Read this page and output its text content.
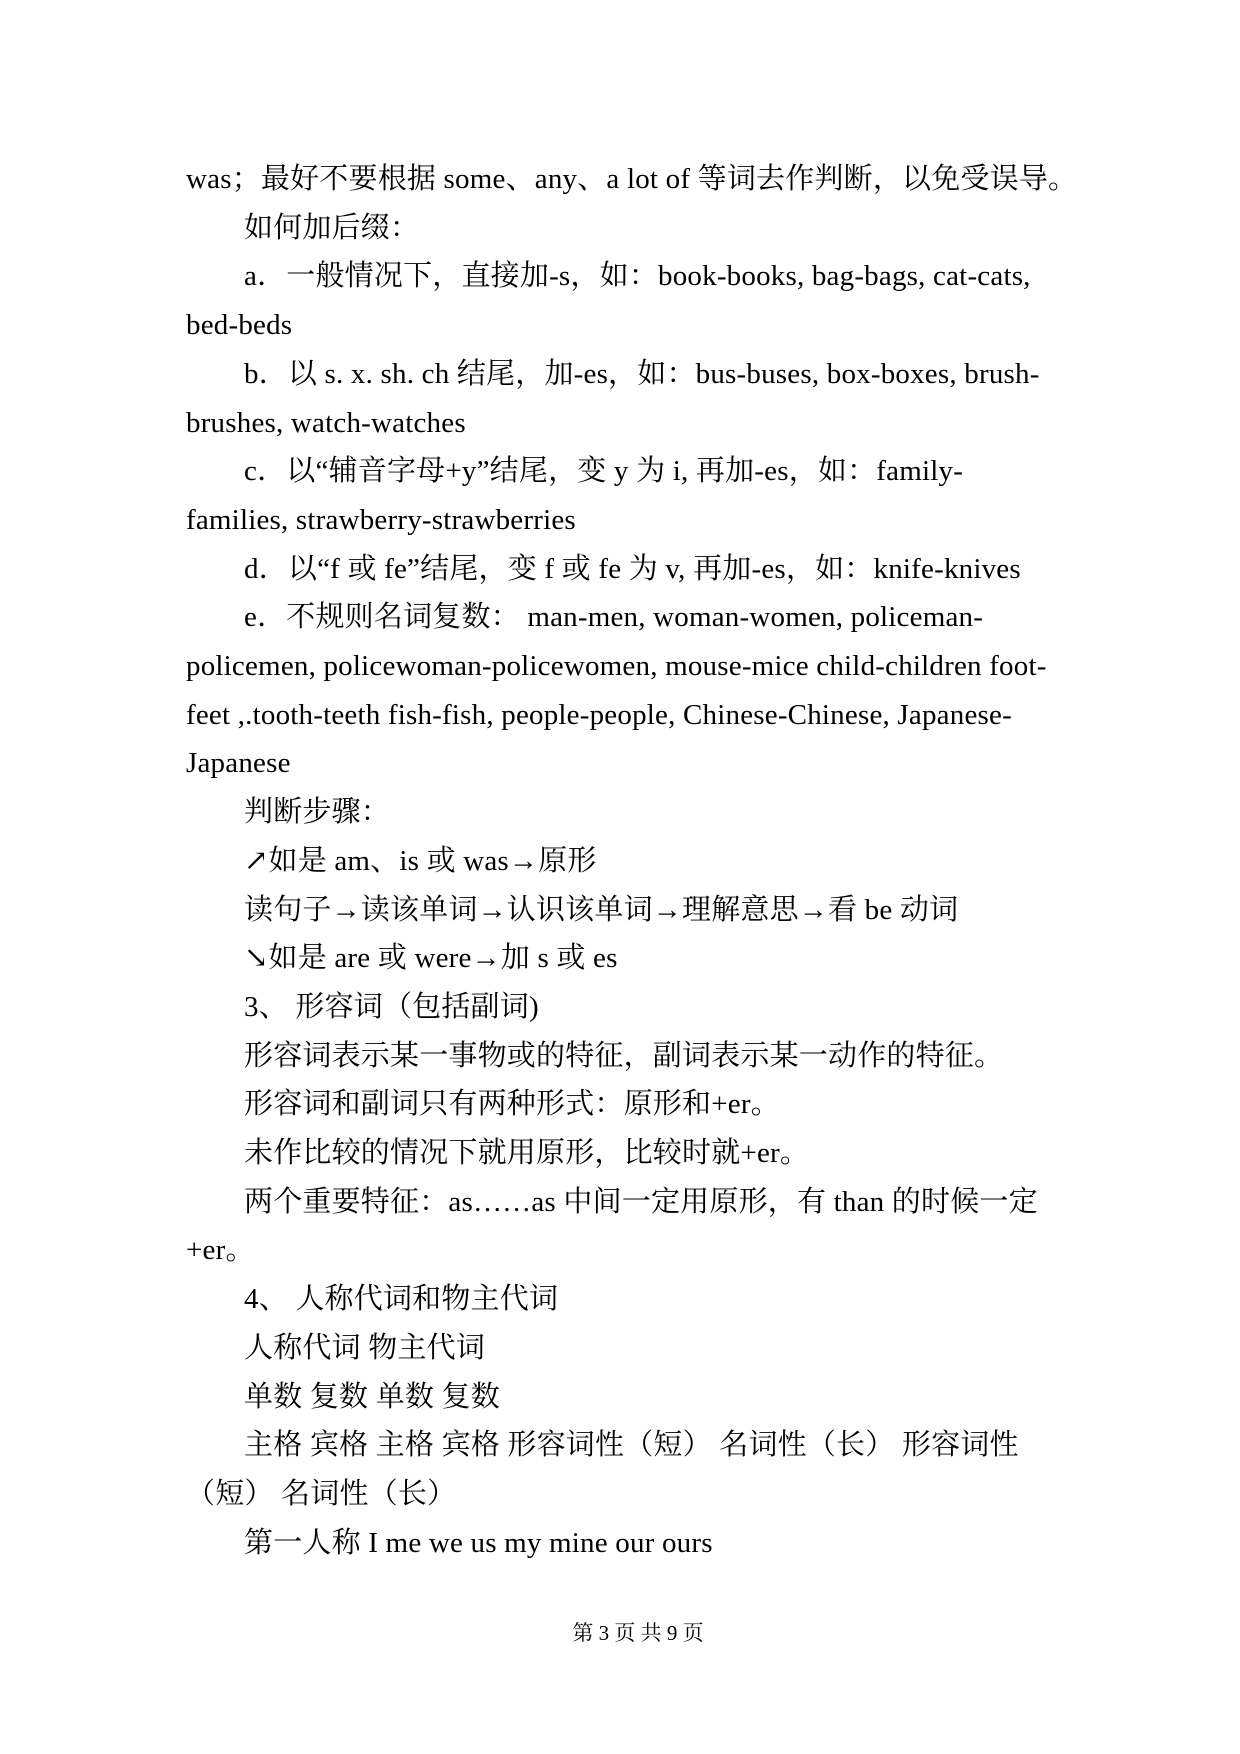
was；最好不要根据 some、any、a lot of 等词去作判断，以免受误导。

如何加后缀：

a．一般情况下，直接加-s，如：book-books, bag-bags, cat-cats,

bed-beds

b．以 s. x. sh. ch 结尾，加-es，如：bus-buses, box-boxes, brush-

brushes, watch-watches

c．以“辅音字母+y”结尾，变 y 为 i, 再加-es，如：family-

families, strawberry-strawberries

d．以“f 或 fe”结尾，变 f 或 fe 为 v, 再加-es，如：knife-knives

e．不规则名词复数： man-men, woman-women, policeman-

policemen, policewoman-policewomen, mouse-mice child-children foot-

feet ,.tooth-teeth fish-fish, people-people, Chinese-Chinese, Japanese-

Japanese

判断步骤：

↗如是 am、is 或 was→原形

读句子→读该单词→认识该单词→理解意思→看 be 动词

↘如是 are 或 were→加 s 或 es

3、 形容词（包括副词)

形容词表示某一事物或的特征，副词表示某一动作的特征。

形容词和副词只有两种形式：原形和+er。

未作比较的情况下就用原形，比较时就+er。

两个重要特征：as……as 中间一定用原形，有 than 的时候一定

+er。

4、 人称代词和物主代词

人称代词 物主代词

单数 复数 单数 复数

主格 宾格 主格 宾格 形容词性（短） 名词性（长） 形容词性

（短） 名词性（长）

第一人称 I me we us my mine our ours

第 3 页 共 9 页
